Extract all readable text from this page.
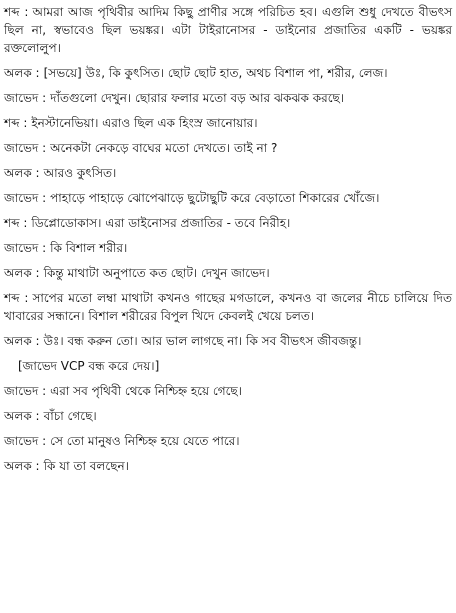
শব্দ : আমরা আজ পৃথিবীর আদিম কিছু প্রাণীর সঙ্গে পরিচিত হব। এগুলি শুধু দেখতে বীভৎস ছিল না, স্বভাবেও ছিল ভয়ঙ্কর। এটা টাইরানোসর - ডাইনোর প্রজাতির একটি - ভয়ঙ্কর রক্তলোলুপ।

অলক : [সভয়ে] উঃ, কি কুৎসিত। ছোট ছোট হাত, অথচ বিশাল পা, শরীর, লেজ।

জাভেদ : দাঁতগুলো দেখুন। ছোরার ফলার মতো বড় আর ঝকঝক করছে।

শব্দ : ইনস্টানেভিয়া। এরাও ছিল এক হিংস্র জানোয়ার।

জাভেদ : অনেকটা নেকড়ে বাঘের মতো দেখতে। তাই না ?

অলক : আরও কুৎসিত।

জাভেদ : পাহাড়ে পাহাড়ে ঝোপেঝাড়ে ছুটোছুটি করে বেড়াতো শিকারের খোঁজে।

শব্দ : ডিপ্লোডোকাস। এরা ডাইনোসর প্রজাতির - তবে নিরীহ।

জাভেদ : কি বিশাল শরীর।

অলক : কিন্তু মাথাটা অনুপাতে কত ছোট। দেখুন জাভেদ।

শব্দ : সাপের মতো লম্বা মাথাটা কখনও গাছের মগডালে, কখনও বা জলের নীচে চালিয়ে দিত খাবারের সন্ধানে। বিশাল শরীরের বিপুল খিদে কেবলই খেয়ে চলত।

অলক : উঃ। বন্ধ করুন তো। আর ভাল লাগছে না। কি সব বীভৎস জীবজন্তু।

[জাভেদ VCP বন্ধ করে দেয়।]

জাভেদ : এরা সব পৃথিবী থেকে নিশ্চিহ্ন হয়ে গেছে।

অলক : বাঁচা গেছে।

জাভেদ : সে তো মানুষও নিশ্চিহ্ন হয়ে যেতে পারে।

অলক : কি যা তা বলছেন।
